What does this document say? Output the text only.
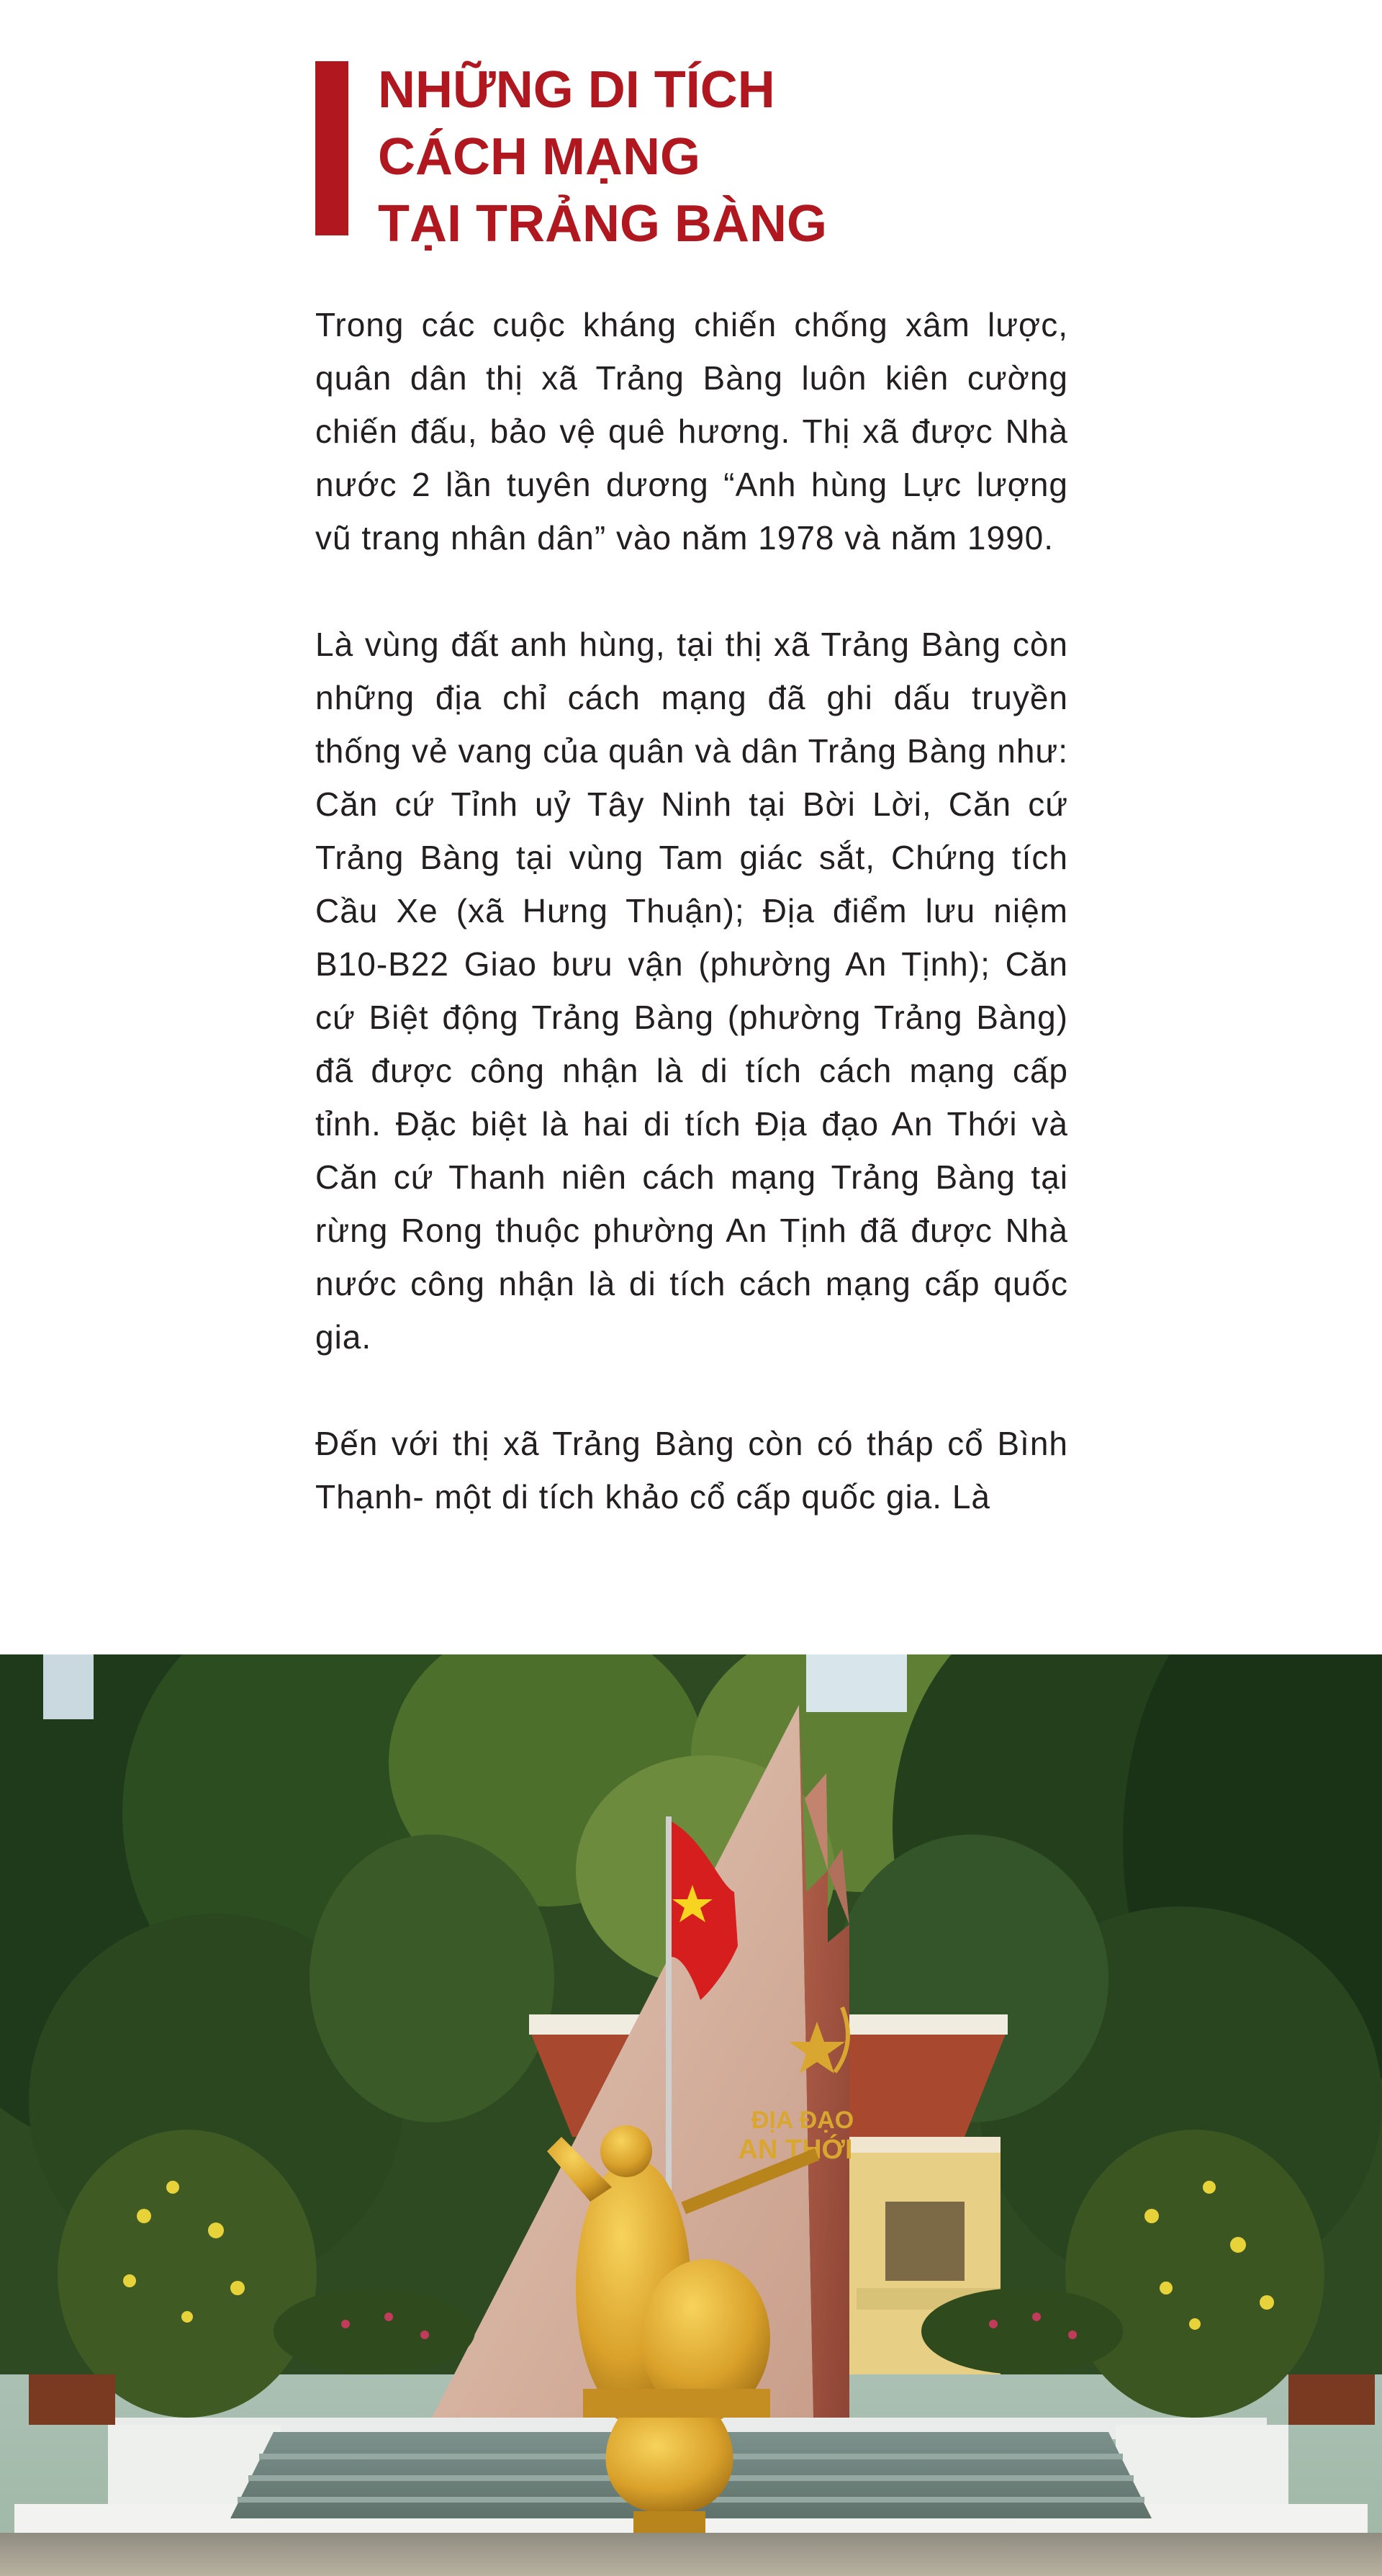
NHỮNG DI TÍCH
CÁCH MẠNG
TẠI TRẢNG BÀNG

Trong các cuộc kháng chiến chống xâm lược, quân dân thị xã Trảng Bàng luôn kiên cường chiến đấu, bảo vệ quê hương. Thị xã được Nhà nước 2 lần tuyên dương “Anh hùng Lực lượng vũ trang nhân dân” vào năm 1978 và năm 1990.

Là vùng đất anh hùng, tại thị xã Trảng Bàng còn những địa chỉ cách mạng đã ghi dấu truyền thống vẻ vang của quân và dân Trảng Bàng như: Căn cứ Tỉnh uỷ Tây Ninh tại Bời Lời, Căn cứ Trảng Bàng tại vùng Tam giác sắt, Chứng tích Cầu Xe (xã Hưng Thuận); Địa điểm lưu niệm B10-B22 Giao bưu vận (phường An Tịnh); Căn cứ Biệt động Trảng Bàng (phường Trảng Bàng) đã được công nhận là di tích cách mạng cấp tỉnh. Đặc biệt là hai di tích Địa đạo An Thới và Căn cứ Thanh niên cách mạng Trảng Bàng tại rừng Rong thuộc phường An Tịnh đã được Nhà nước công nhận là di tích cách mạng cấp quốc gia.

Đến với thị xã Trảng Bàng còn có tháp cổ Bình Thạnh- một di tích khảo cổ cấp quốc gia. Là

ĐỊA ĐẠO
AN THỚI
